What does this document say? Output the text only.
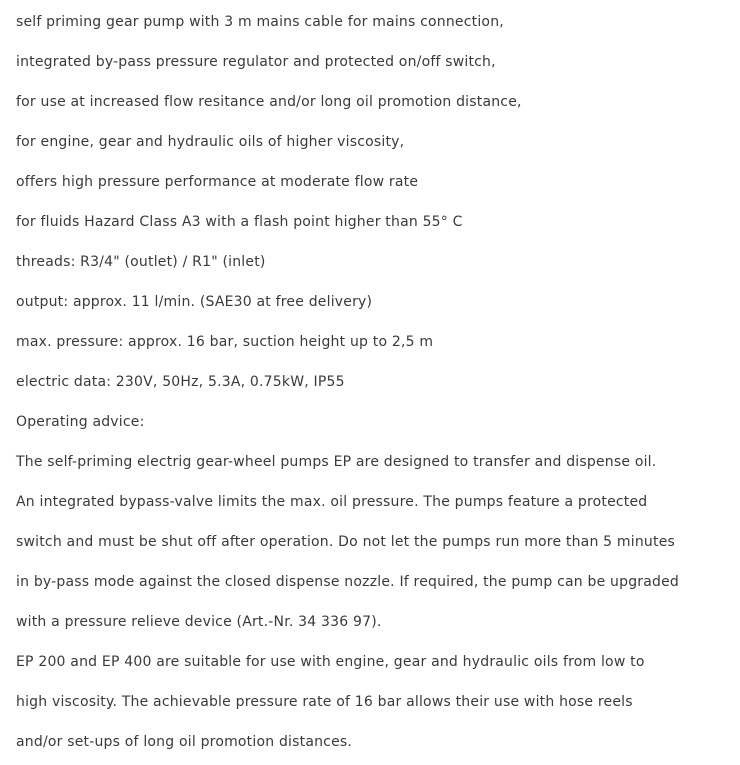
self priming gear pump with 3 m mains cable for mains connection,
integrated by-pass pressure regulator and protected on/off switch,
for use at increased flow resitance and/or long oil promotion distance,
for engine, gear and hydraulic oils of higher viscosity,
offers high pressure performance at moderate flow rate
for fluids Hazard Class A3 with a flash point higher than 55° C
threads: R3/4" (outlet) / R1" (inlet)
output: approx. 11 l/min. (SAE30 at free delivery)
max. pressure: approx. 16 bar, suction height up to 2,5 m
electric data: 230V, 50Hz, 5.3A, 0.75kW, IP55
Operating advice:
The self-priming electrig gear-wheel pumps EP are designed to transfer and dispense oil.
An integrated bypass-valve limits the max. oil pressure. The pumps feature a protected
switch and must be shut off after operation. Do not let the pumps run more than 5 minutes
in by-pass mode against the closed dispense nozzle. If required, the pump can be upgraded
with a pressure relieve device (Art.-Nr. 34 336 97).
EP 200 and EP 400 are suitable for use with engine, gear and hydraulic oils from low to
high viscosity. The achievable pressure rate of 16 bar allows their use with hose reels
and/or set-ups of long oil promotion distances.
